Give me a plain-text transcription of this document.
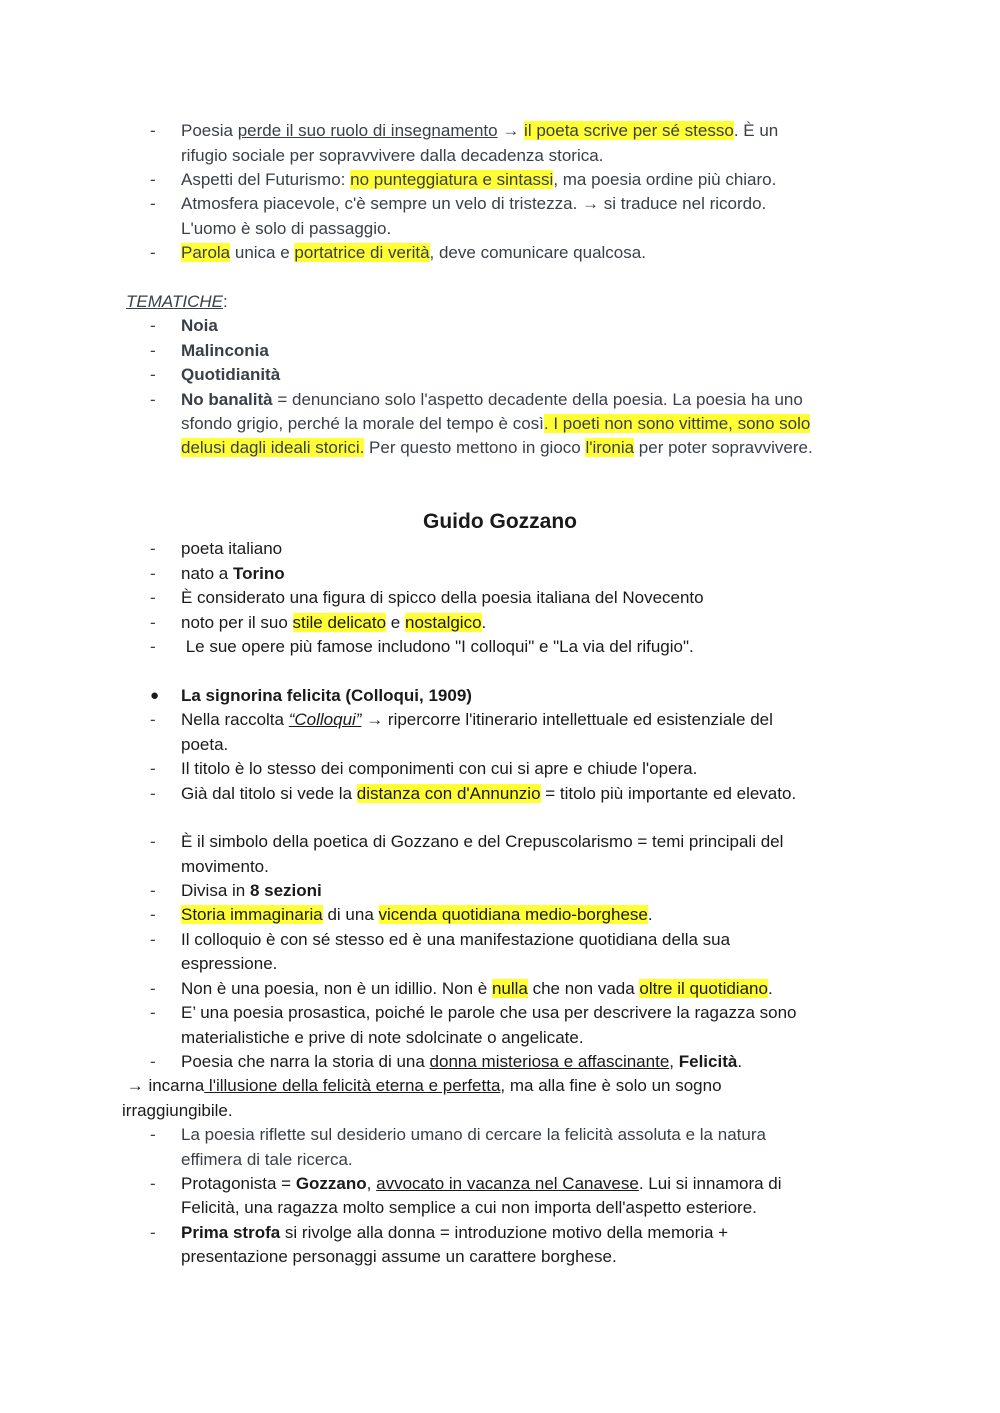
-	Poesia perde il suo ruolo di insegnamento → il poeta scrive per sé stesso. È un
rifugio sociale per sopravvivere dalla decadenza storica.
-	Aspetti del Futurismo: no punteggiatura e sintassi, ma poesia ordine più chiaro.
-	Atmosfera piacevole, c'è sempre un velo di tristezza. → si traduce nel ricordo.
L'uomo è solo di passaggio.
-	Parola unica e portatrice di verità, deve comunicare qualcosa.
TEMATICHE:
-	Noia
-	Malinconia
-	Quotidianità
-	No banalità = denunciano solo l'aspetto decadente della poesia. La poesia ha uno
sfondo grigio, perché la morale del tempo è così. I poeti non sono vittime, sono solo
delusi dagli ideali storici. Per questo mettono in gioco l'ironia per poter sopravvivere.
Guido Gozzano
-	poeta italiano
-	nato a Torino
-	È considerato una figura di spicco della poesia italiana del Novecento
-	noto per il suo stile delicato e nostalgico.
-	Le sue opere più famose includono "I colloqui" e "La via del rifugio".
● La signorina felicita (Colloqui, 1909)
-	Nella raccolta “Colloqui” → ripercorre l'itinerario intellettuale ed esistenziale del
poeta.
-	Il titolo è lo stesso dei componimenti con cui si apre e chiude l'opera.
-	Già dal titolo si vede la distanza con d'Annunzio = titolo più importante ed elevato.
-	È il simbolo della poetica di Gozzano e del Crepuscolarismo = temi principali del
movimento.
-	Divisa in 8 sezioni
-	Storia immaginaria di una vicenda quotidiana medio-borghese.
-	Il colloquio è con sé stesso ed è una manifestazione quotidiana della sua
espressione.
-	Non è una poesia, non è un idillio. Non è nulla che non vada oltre il quotidiano.
-	E’ una poesia prosastica, poiché le parole che usa per descrivere la ragazza sono
materialistiche e prive di note sdolcinate o angelicate.
-	Poesia che narra la storia di una donna misteriosa e affascinante, Felicità.
→ incarna l'illusione della felicità eterna e perfetta, ma alla fine è solo un sogno
irraggiungibile.
-	La poesia riflette sul desiderio umano di cercare la felicità assoluta e la natura
effimera di tale ricerca.
-	Protagonista = Gozzano, avvocato in vacanza nel Canavese. Lui si innamora di
Felicità, una ragazza molto semplice a cui non importa dell'aspetto esteriore.
-	Prima strofa si rivolge alla donna = introduzione motivo della memoria +
presentazione personaggi assume un carattere borghese.
